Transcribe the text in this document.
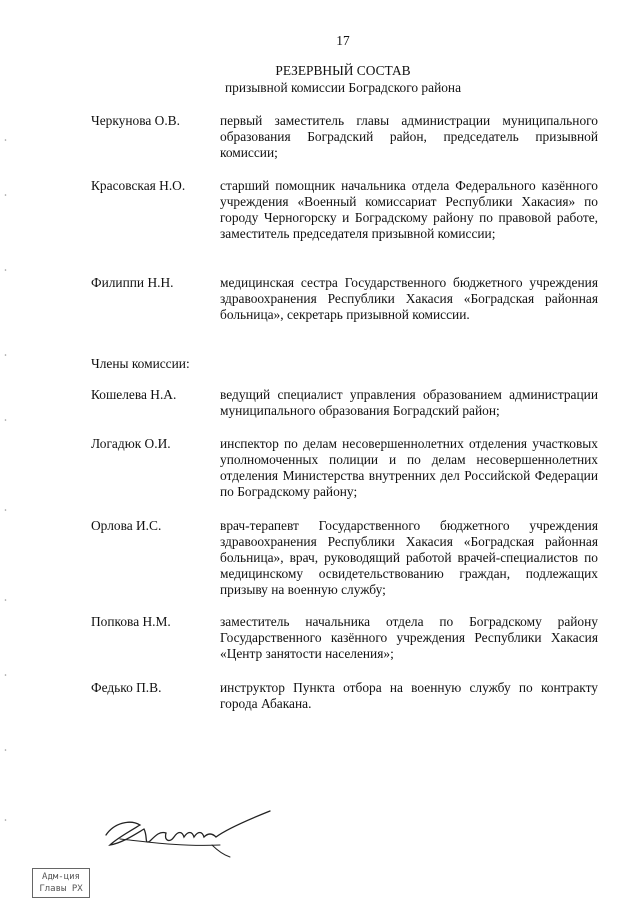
17
РЕЗЕРВНЫЙ СОСТАВ
призывной комиссии Боградского района
Черкунова О.В.	первый заместитель главы администрации муниципального образования Боградский район, председатель призывной комиссии;
Красовская Н.О.	старший помощник начальника отдела Федерального казённого учреждения «Военный комиссариат Республики Хакасия» по городу Черногорску и Боградскому району по правовой работе, заместитель председателя призывной комиссии;
Филиппи Н.Н.	медицинская сестра Государственного бюджетного учреждения здравоохранения Республики Хакасия «Боградская районная больница», секретарь призывной комиссии.
Члены комиссии:
Кошелева Н.А.	ведущий специалист управления образованием администрации муниципального образования Боградский район;
Логадюк О.И.	инспектор по делам несовершеннолетних отделения участковых уполномоченных полиции и по делам несовершеннолетних отделения Министерства внутренних дел Российской Федерации по Боградскому району;
Орлова И.С.	врач-терапевт Государственного бюджетного учреждения здравоохранения Республики Хакасия «Боградская районная больница», врач, руководящий работой врачей-специалистов по медицинскому освидетельствованию граждан, подлежащих призыву на военную службу;
Попкова Н.М.	заместитель начальника отдела по Боградскому району Государственного казённого учреждения Республики Хакасия «Центр занятости населения»;
Федько П.В.	инструктор Пункта отбора на военную службу по контракту города Абакана.
Адм-ция
Главы РХ
